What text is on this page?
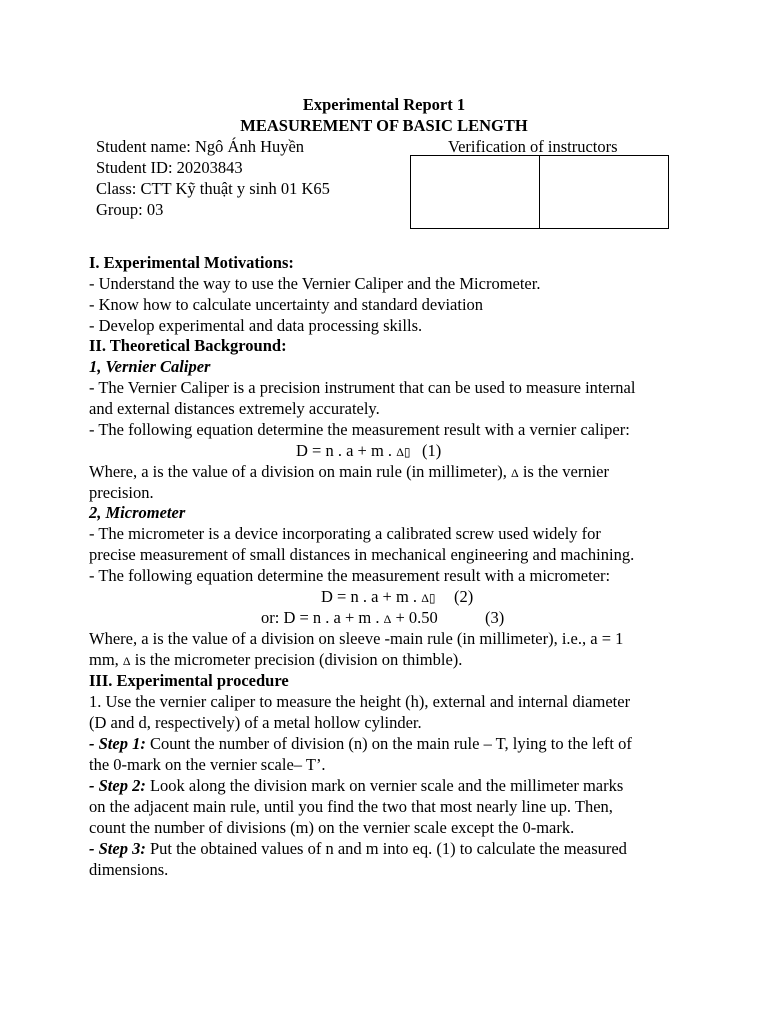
Experimental Report 1
MEASUREMENT OF BASIC LENGTH
Student name: Ngô Ánh Huyền	Verification of instructors
Student ID: 20203843
Class: CTT Kỹ thuật y sinh 01 K65
Group: 03
I. Experimental Motivations:
- Understand the way to use the Vernier Caliper and the Micrometer.
- Know how to calculate uncertainty and standard deviation
- Develop experimental and data processing skills.
II. Theoretical Background:
1, Vernier Caliper
- The Vernier Caliper is a precision instrument that can be used to measure internal
and external distances extremely accurately.
- The following equation determine the measurement result with a vernier caliper:
D = n . a + m . Δ▯ (1)
Where, a is the value of a division on main rule (in millimeter), Δ is the vernier
precision.
2, Micrometer
- The micrometer is a device incorporating a calibrated screw used widely for
precise measurement of small distances in mechanical engineering and machining.
- The following equation determine the measurement result with a micrometer:
D = n . a + m . Δ▯ (2)
or: D = n . a + m . Δ + 0.50	(3)
Where, a is the value of a division on sleeve -main rule (in millimeter), i.e., a = 1
mm, Δ is the micrometer precision (division on thimble).
III. Experimental procedure
1. Use the vernier caliper to measure the height (h), external and internal diameter
(D and d, respectively) of a metal hollow cylinder.
- Step 1: Count the number of division (n) on the main rule – T, lying to the left of
the 0-mark on the vernier scale– T’.
- Step 2: Look along the division mark on vernier scale and the millimeter marks
on the adjacent main rule, until you find the two that most nearly line up. Then,
count the number of divisions (m) on the vernier scale except the 0-mark.
- Step 3: Put the obtained values of n and m into eq. (1) to calculate the measured
dimensions.
